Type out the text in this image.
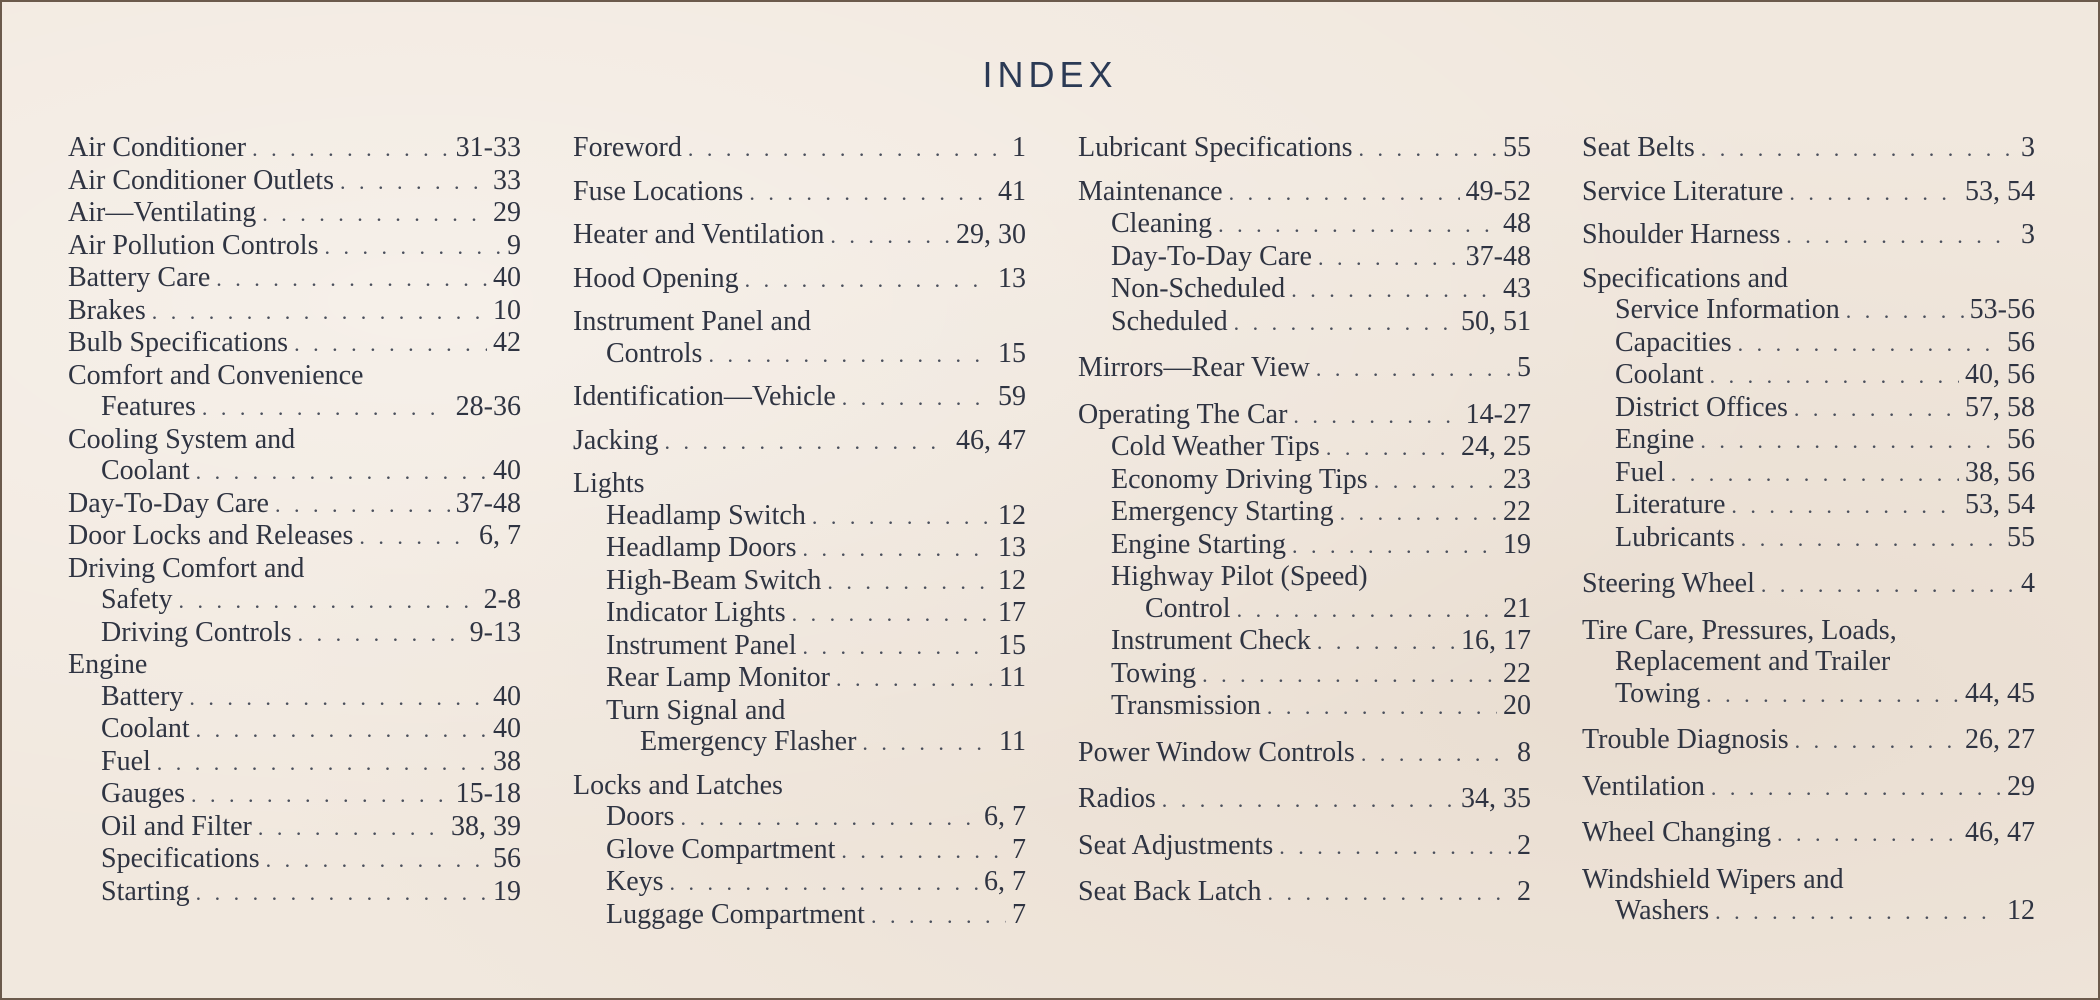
INDEX
Air Conditioner . . .	31-33
Air Conditioner Outlets . . .	33
Air—Ventilating . . .	29
Air Pollution Controls . . .	9
Battery Care . . .	40
Brakes . . .	10
Bulb Specifications . . .	42
Comfort and Convenience
Features . . .	28-36
Cooling System and
Coolant . . .	40
Day-To-Day Care . . .	37-48
Door Locks and Releases . . .	6, 7
Driving Comfort and
Safety . . .	2-8
Driving Controls . . .	9-13
Engine
Battery . . .	40
Coolant . . .	40
Fuel . . .	38
Gauges . . .	15-18
Oil and Filter . . .	38, 39
Specifications . . .	56
Starting . . .	19
Foreword . . .	1
Fuse Locations . . .	41
Heater and Ventilation . . .	29, 30
Hood Opening . . .	13
Instrument Panel and
Controls . . .	15
Identification—Vehicle . . .	59
Jacking . . .	46, 47
Lights
Headlamp Switch . . .	12
Headlamp Doors . . .	13
High-Beam Switch . . .	12
Indicator Lights . . .	17
Instrument Panel . . .	15
Rear Lamp Monitor . . .	11
Turn Signal and
Emergency Flasher . . .	11
Locks and Latches
Doors . . .	6, 7
Glove Compartment . . .	7
Keys . . .	6, 7
Luggage Compartment . . .	7
Lubricant Specifications . . .	55
Maintenance . . .	49-52
Cleaning . . .	48
Day-To-Day Care . . .	37-48
Non-Scheduled . . .	43
Scheduled . . .	50, 51
Mirrors—Rear View . . .	5
Operating The Car . . .	14-27
Cold Weather Tips . . .	24, 25
Economy Driving Tips . . .	23
Emergency Starting . . .	22
Engine Starting . . .	19
Highway Pilot (Speed)
Control . . .	21
Instrument Check . . .	16, 17
Towing . . .	22
Transmission . . .	20
Power Window Controls . . .	8
Radios . . .	34, 35
Seat Adjustments . . .	2
Seat Back Latch . . .	2
Seat Belts . . .	3
Service Literature . . .	53, 54
Shoulder Harness . . .	3
Specifications and
Service Information . . .	53-56
Capacities . . .	56
Coolant . . .	40, 56
District Offices . . .	57, 58
Engine . . .	56
Fuel . . .	38, 56
Literature . . .	53, 54
Lubricants . . .	55
Steering Wheel . . .	4
Tire Care, Pressures, Loads,
Replacement and Trailer
Towing . . .	44, 45
Trouble Diagnosis . . .	26, 27
Ventilation . . .	29
Wheel Changing . . .	46, 47
Windshield Wipers and
Washers . . .	12
